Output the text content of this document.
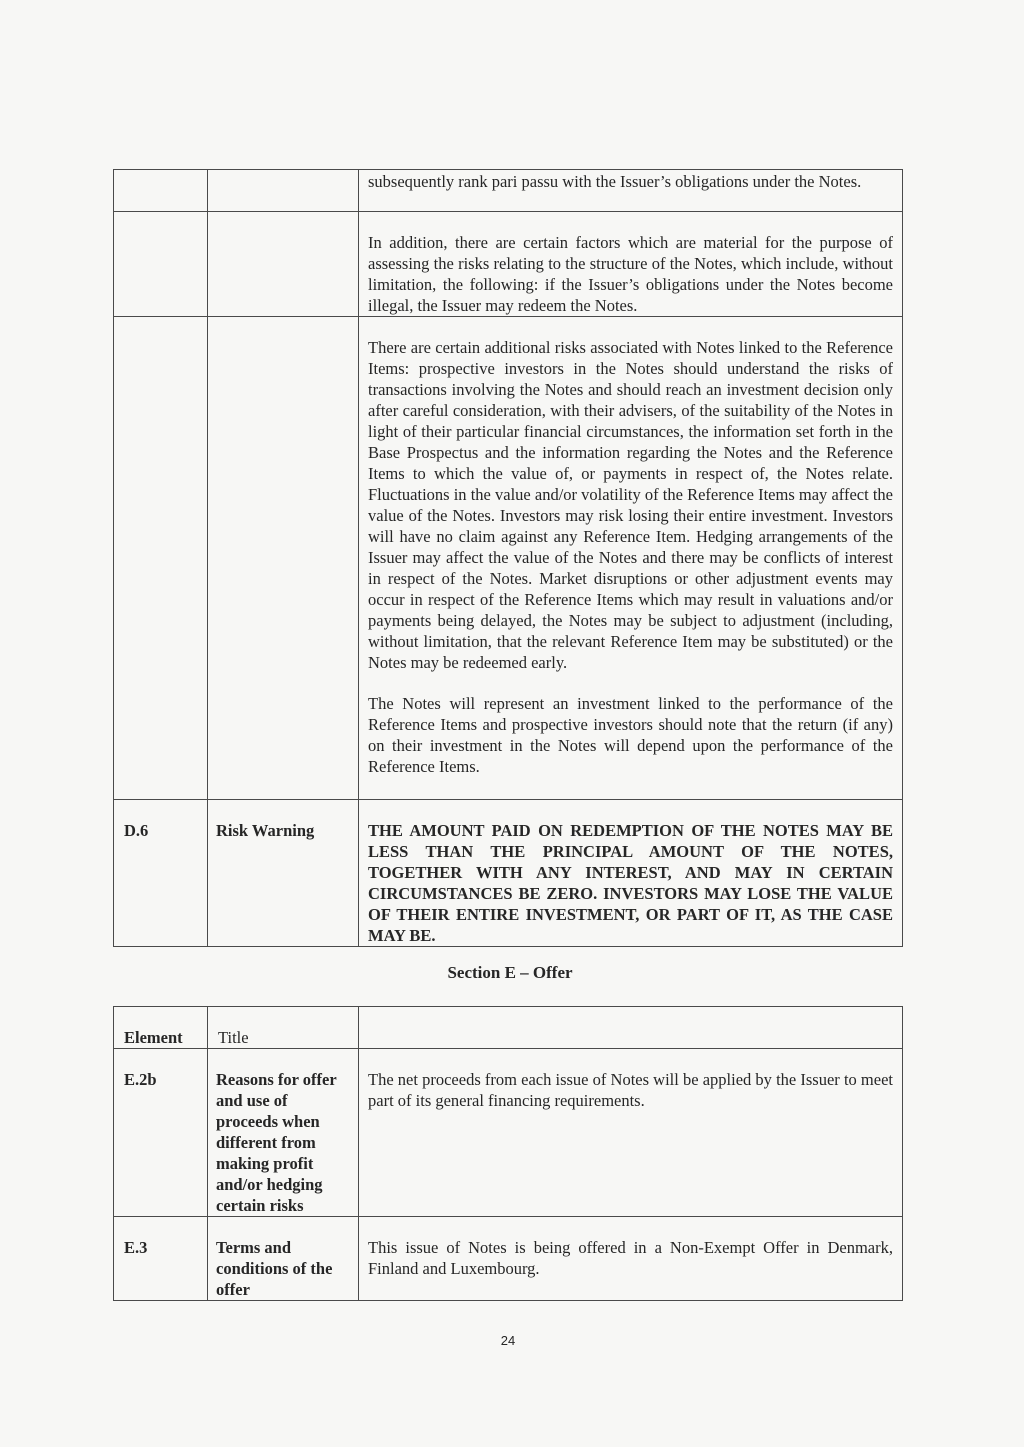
		subsequently rank pari passu with the Issuer’s obligations under the Notes.

		In addition, there are certain factors which are material for the purpose of assessing the risks relating to the structure of the Notes, which include, without limitation, the following: if the Issuer’s obligations under the Notes become illegal, the Issuer may redeem the Notes.

		There are certain additional risks associated with Notes linked to the Reference Items: prospective investors in the Notes should understand the risks of transactions involving the Notes and should reach an investment decision only after careful consideration, with their advisers, of the suitability of the Notes in light of their particular financial circumstances, the information set forth in the Base Prospectus and the information regarding the Notes and the Reference Items to which the value of, or payments in respect of, the Notes relate. Fluctuations in the value and/or volatility of the Reference Items may affect the value of the Notes. Investors may risk losing their entire investment. Investors will have no claim against any Reference Item. Hedging arrangements of the Issuer may affect the value of the Notes and there may be conflicts of interest in respect of the Notes. Market disruptions or other adjustment events may occur in respect of the Reference Items which may result in valuations and/or payments being delayed, the Notes may be subject to adjustment (including, without limitation, that the relevant Reference Item may be substituted) or the Notes may be redeemed early.
The Notes will represent an investment linked to the performance of the Reference Items and prospective investors should note that the return (if any) on their investment in the Notes will depend upon the performance of the Reference Items.

D.6	Risk Warning	THE AMOUNT PAID ON REDEMPTION OF THE NOTES MAY BE LESS THAN THE PRINCIPAL AMOUNT OF THE NOTES, TOGETHER WITH ANY INTEREST, AND MAY IN CERTAIN CIRCUMSTANCES BE ZERO. INVESTORS MAY LOSE THE VALUE OF THEIR ENTIRE INVESTMENT, OR PART OF IT, AS THE CASE MAY BE.
Section E – Offer
Element	Title	

E.2b	Reasons for offer and use of proceeds when different from making profit and/or hedging certain risks	The net proceeds from each issue of Notes will be applied by the Issuer to meet part of its general financing requirements.

E.3	Terms and conditions of the offer	This issue of Notes is being offered in a Non-Exempt Offer in Denmark, Finland and Luxembourg.
24
